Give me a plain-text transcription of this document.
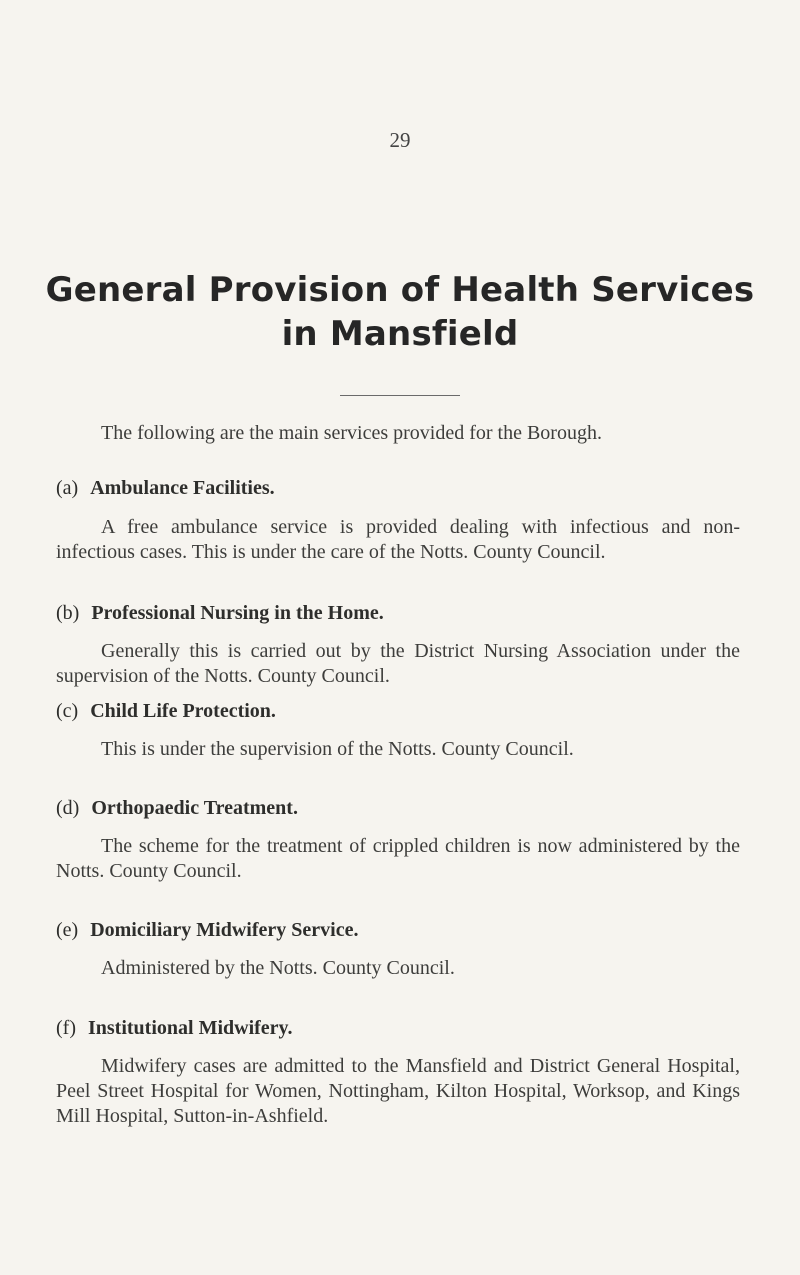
29
General Provision of Health Services
in Mansfield
The following are the main services provided for the Borough.
(a) Ambulance Facilities.
A free ambulance service is provided dealing with infectious and non-infectious cases. This is under the care of the Notts. County Council.
(b) Professional Nursing in the Home.
Generally this is carried out by the District Nursing Association under the supervision of the Notts. County Council.
(c) Child Life Protection.
This is under the supervision of the Notts. County Council.
(d) Orthopaedic Treatment.
The scheme for the treatment of crippled children is now administered by the Notts. County Council.
(e) Domiciliary Midwifery Service.
Administered by the Notts. County Council.
(f) Institutional Midwifery.
Midwifery cases are admitted to the Mansfield and District General Hospital, Peel Street Hospital for Women, Nottingham, Kilton Hospital, Worksop, and Kings Mill Hospital, Sutton-in-Ashfield.
